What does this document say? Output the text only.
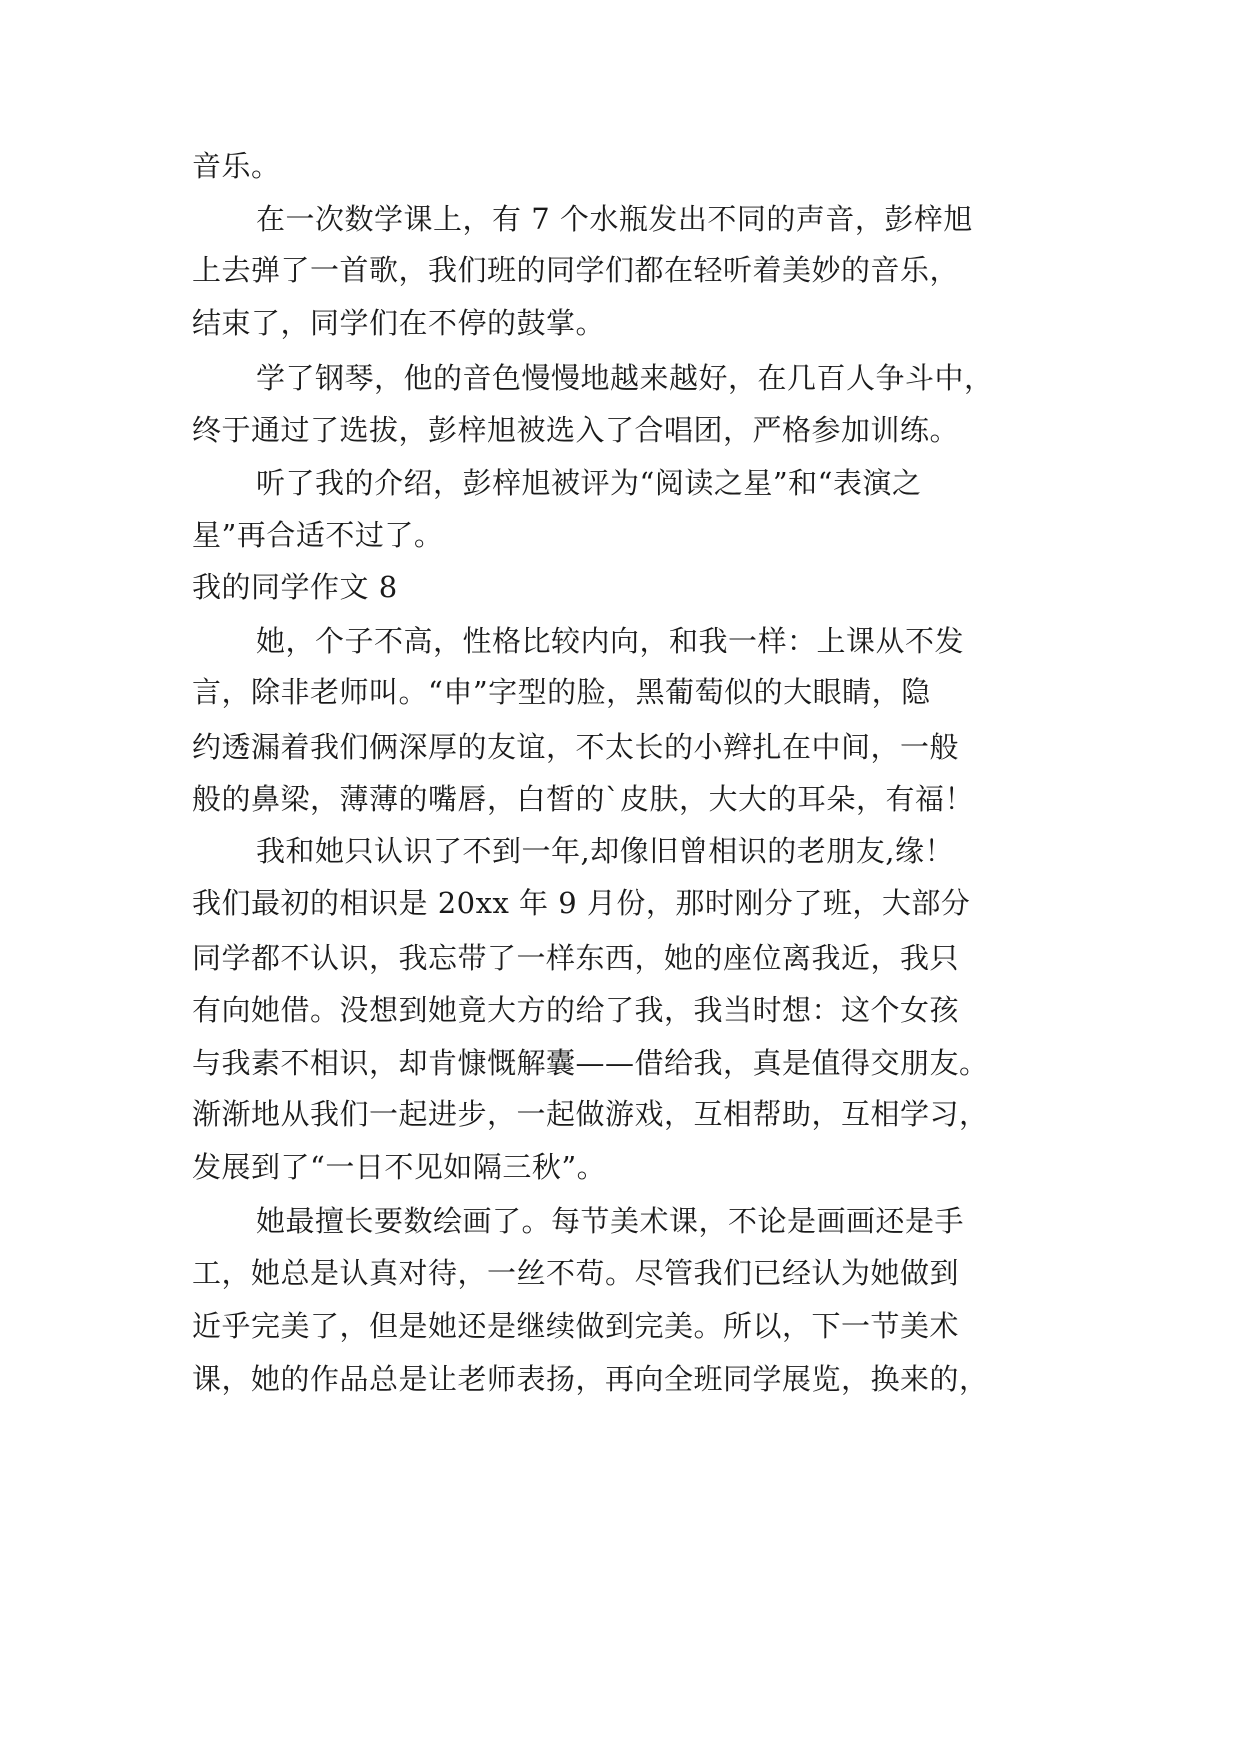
音乐。
在一次数学课上，有 7 个水瓶发出不同的声音，彭梓旭
上去弹了一首歌，我们班的同学们都在轻听着美妙的音乐，
结束了，同学们在不停的鼓掌。
学了钢琴，他的音色慢慢地越来越好，在几百人争斗中，
终于通过了选拔，彭梓旭被选入了合唱团，严格参加训练。
听了我的介绍，彭梓旭被评为“阅读之星”和“表演之
星”再合适不过了。
我的同学作文 8
她，个子不高，性格比较内向，和我一样：上课从不发
言，除非老师叫。“申”字型的脸，黑葡萄似的大眼睛，隐
约透漏着我们俩深厚的友谊，不太长的小辫扎在中间，一般
般的鼻梁，薄薄的嘴唇，白皙的`皮肤，大大的耳朵，有福！
我和她只认识了不到一年,却像旧曾相识的老朋友,缘！
我们最初的相识是 20xx 年 9 月份，那时刚分了班，大部分
同学都不认识，我忘带了一样东西，她的座位离我近，我只
有向她借。没想到她竟大方的给了我，我当时想：这个女孩
与我素不相识，却肯慷慨解囊——借给我，真是值得交朋友。
渐渐地从我们一起进步，一起做游戏，互相帮助，互相学习，
发展到了“一日不见如隔三秋”。
她最擅长要数绘画了。每节美术课，不论是画画还是手
工，她总是认真对待，一丝不苟。尽管我们已经认为她做到
近乎完美了，但是她还是继续做到完美。所以，下一节美术
课，她的作品总是让老师表扬，再向全班同学展览，换来的，
